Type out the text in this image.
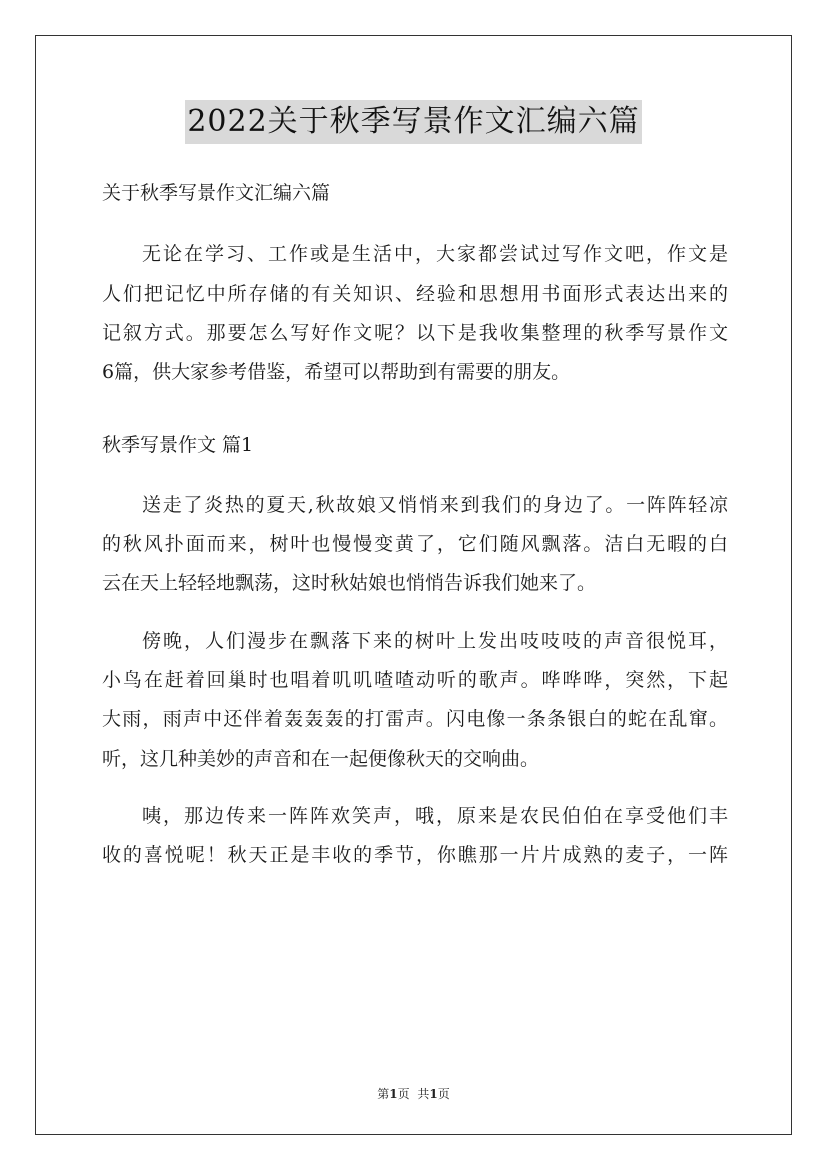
2022关于秋季写景作文汇编六篇
关于秋季写景作文汇编六篇
无论在学习、工作或是生活中，大家都尝试过写作文吧，作文是
人们把记忆中所存储的有关知识、经验和思想用书面形式表达出来的
记叙方式。那要怎么写好作文呢？以下是我收集整理的秋季写景作文
6篇，供大家参考借鉴，希望可以帮助到有需要的朋友。
秋季写景作文 篇1
送走了炎热的夏天,秋故娘又悄悄来到我们的身边了。一阵阵轻凉
的秋风扑面而来，树叶也慢慢变黄了，它们随风飘落。洁白无暇的白
云在天上轻轻地飘荡，这时秋姑娘也悄悄告诉我们她来了。
傍晚，人们漫步在飘落下来的树叶上发出吱吱吱的声音很悦耳，
小鸟在赶着回巢时也唱着叽叽喳喳动听的歌声。哗哗哗，突然，下起
大雨，雨声中还伴着轰轰轰的打雷声。闪电像一条条银白的蛇在乱窜。
听，这几种美妙的声音和在一起便像秋天的交响曲。
咦，那边传来一阵阵欢笑声，哦，原来是农民伯伯在享受他们丰
收的喜悦呢！秋天正是丰收的季节，你瞧那一片片成熟的麦子，一阵
第1页 共1页
